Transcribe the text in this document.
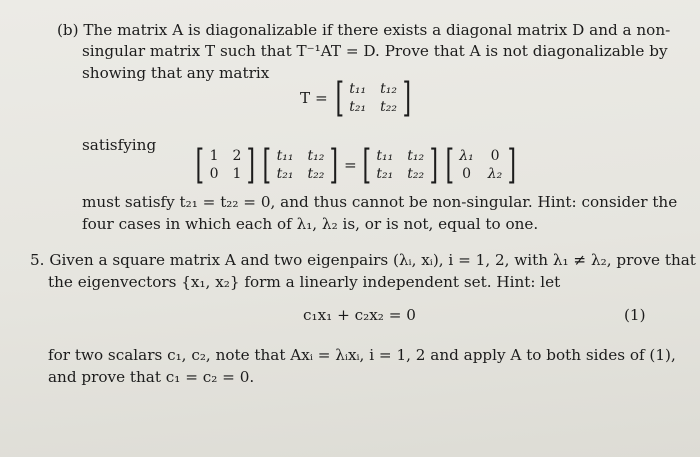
(b) The matrix A is diagonalizable if there exists a diagonal matrix D and a non-
singular matrix T such that T⁻¹AT = D. Prove that A is not diagonalizable by
showing that any matrix
T = [ t₁₁ t₁₂
t₂₁ t₂₂ ]
satisfying [ 1 2
0 1 ] [ t₁₁ t₁₂
t₂₁ t₂₂ ] = [ t₁₁ t₁₂
t₂₁ t₂₂ ] [ λ₁ 0
0 λ₂ ]
must satisfy t₂₁ = t₂₂ = 0, and thus cannot be non-singular. Hint: consider the
four cases in which each of λ₁, λ₂ is, or is not, equal to one.
5. Given a square matrix A and two eigenpairs (λᵢ, xᵢ), i = 1, 2, with λ₁ ≠ λ₂, prove that
the eigenvectors {x₁, x₂} form a linearly independent set. Hint: let
c₁x₁ + c₂x₂ = 0	(1)
for two scalars c₁, c₂, note that Axᵢ = λᵢxᵢ, i = 1, 2 and apply A to both sides of (1),
and prove that c₁ = c₂ = 0.
